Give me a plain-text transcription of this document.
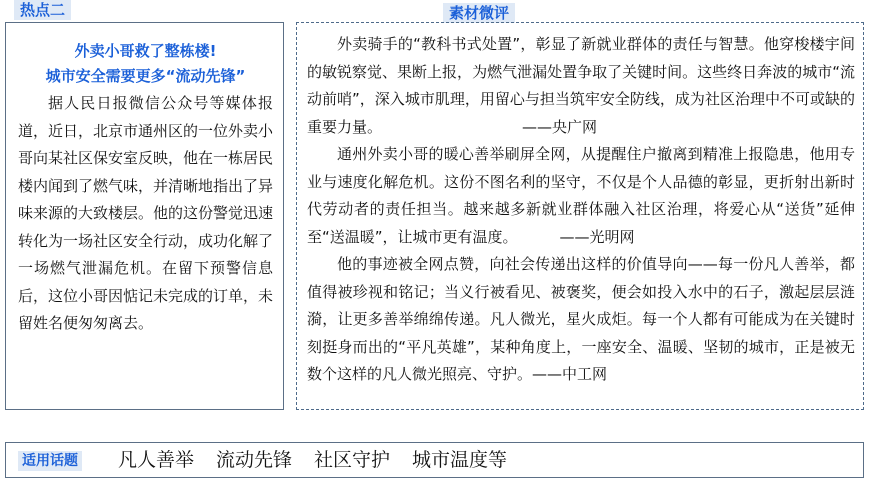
热点二	素材微评
外卖小哥救了整栋楼!
城市安全需要更多“流动先锋”
据人民日报微信公众号等媒体报道，近日，北京市通州区的一位外卖小哥向某社区保安室反映，他在一栋居民楼内闻到了燃气味，并清晰地指出了异味来源的大致楼层。他的这份警觉迅速转化为一场社区安全行动，成功化解了一场燃气泄漏危机。在留下预警信息后，这位小哥因惦记未完成的订单，未留姓名便匆匆离去。

外卖骑手的“教科书式处置”，彰显了新就业群体的责任与智慧。他穿梭楼宇间的敏锐察觉、果断上报，为燃气泄漏处置争取了关键时间。这些终日奔波的城市“流动前哨”，深入城市肌理，用留心与担当筑牢安全防线，成为社区治理中不可或缺的重要力量。	——央广网

通州外卖小哥的暖心善举刷屏全网，从提醒住户撤离到精准上报隐患，他用专业与速度化解危机。这份不图名利的坚守，不仅是个人品德的彰显，更折射出新时代劳动者的责任担当。越来越多新就业群体融入社区治理，将爱心从“送货”延伸至“送温暖”，让城市更有温度。	——光明网

他的事迹被全网点赞，向社会传递出这样的价值导向——每一份凡人善举，都值得被珍视和铭记；当义行被看见、被褒奖，便会如投入水中的石子，激起层层涟漪，让更多善举绵绵传递。凡人微光，星火成炬。每一个人都有可能成为在关键时刻挺身而出的“平凡英雄”，某种角度上，一座安全、温暖、坚韧的城市，正是被无数个这样的凡人微光照亮、守护。——中工网

适用话题 凡人善举 流动先锋 社区守护 城市温度等
